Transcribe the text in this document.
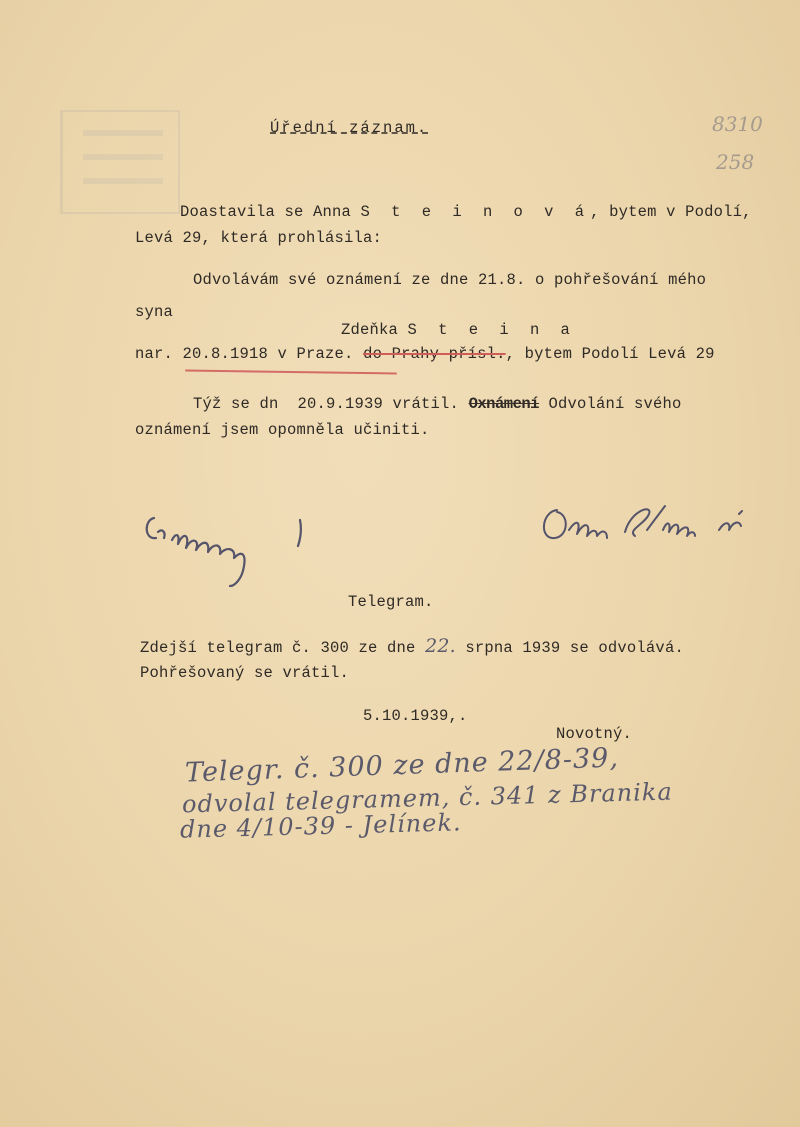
8310
258
Úřední záznam.
Doastavila se Anna S t e i n o v á, bytem v Podolí,
Levá 29, která prohlásila:
Odvolávám své oznámení ze dne 21.8. o pohřešování mého
syna
Zdeňka S t e i n a
nar. 20.8.1918 v Praze. do Prahy přísl., bytem Podolí Levá 29
Týž se dn  20.9.1939 vrátil. Oxnámení Odvolání svého
oznámení jsem opomněla učiniti.
Telegram.
Zdejší telegram č. 300 ze dne 22. srpna 1939 se odvolává.
Pohřešovaný se vrátil.
5.10.1939,.
Novotný.
Telegr. č. 300 ze dne 22/8-39,
odvolal telegramem, č. 341 z Branika
dne 4/10-39 - Jelínek.
